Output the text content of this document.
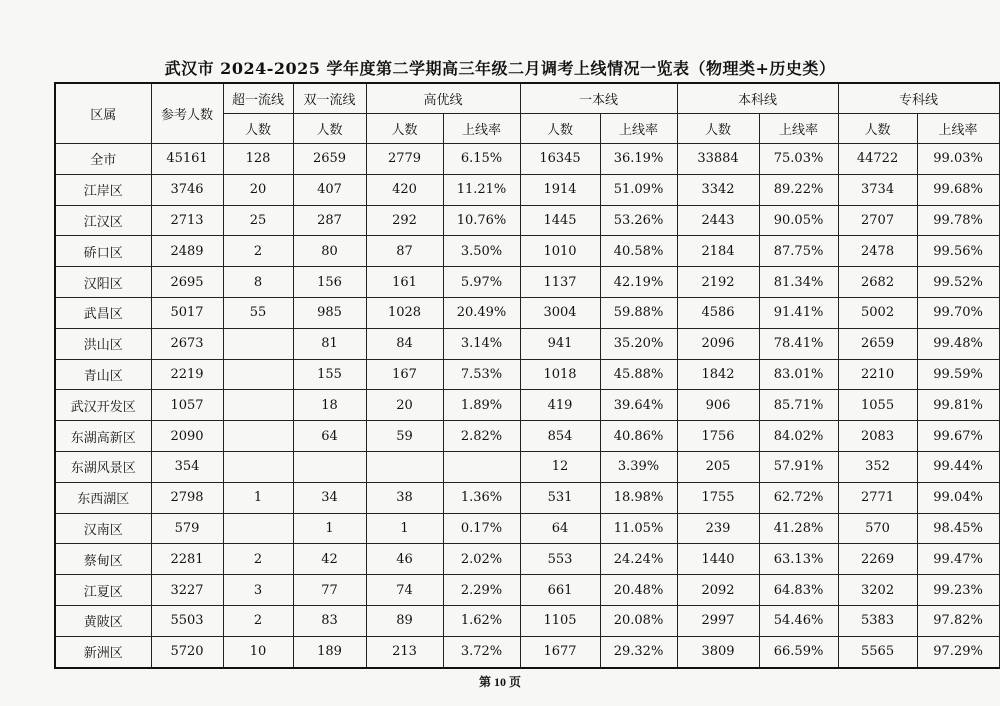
武汉市 2024-2025 学年度第二学期高三年级二月调考上线情况一览表（物理类+历史类）
区属	参考人数	超一流线	双一流线	高优线		一本线		本科线		专科线	
		人数	人数	人数	上线率	人数	上线率	人数	上线率	人数	上线率
全市	45161	128	2659	2779	6.15%	16345	36.19%	33884	75.03%	44722	99.03%
江岸区	3746	20	407	420	11.21%	1914	51.09%	3342	89.22%	3734	99.68%
江汉区	2713	25	287	292	10.76%	1445	53.26%	2443	90.05%	2707	99.78%
硚口区	2489	2	80	87	3.50%	1010	40.58%	2184	87.75%	2478	99.56%
汉阳区	2695	8	156	161	5.97%	1137	42.19%	2192	81.34%	2682	99.52%
武昌区	5017	55	985	1028	20.49%	3004	59.88%	4586	91.41%	5002	99.70%
洪山区	2673		81	84	3.14%	941	35.20%	2096	78.41%	2659	99.48%
青山区	2219		155	167	7.53%	1018	45.88%	1842	83.01%	2210	99.59%
武汉开发区	1057		18	20	1.89%	419	39.64%	906	85.71%	1055	99.81%
东湖高新区	2090		64	59	2.82%	854	40.86%	1756	84.02%	2083	99.67%
东湖风景区	354					12	3.39%	205	57.91%	352	99.44%
东西湖区	2798	1	34	38	1.36%	531	18.98%	1755	62.72%	2771	99.04%
汉南区	579		1	1	0.17%	64	11.05%	239	41.28%	570	98.45%
蔡甸区	2281	2	42	46	2.02%	553	24.24%	1440	63.13%	2269	99.47%
江夏区	3227	3	77	74	2.29%	661	20.48%	2092	64.83%	3202	99.23%
黄陂区	5503	2	83	89	1.62%	1105	20.08%	2997	54.46%	5383	97.82%
新洲区	5720	10	189	213	3.72%	1677	29.32%	3809	66.59%	5565	97.29%
第 10 页
